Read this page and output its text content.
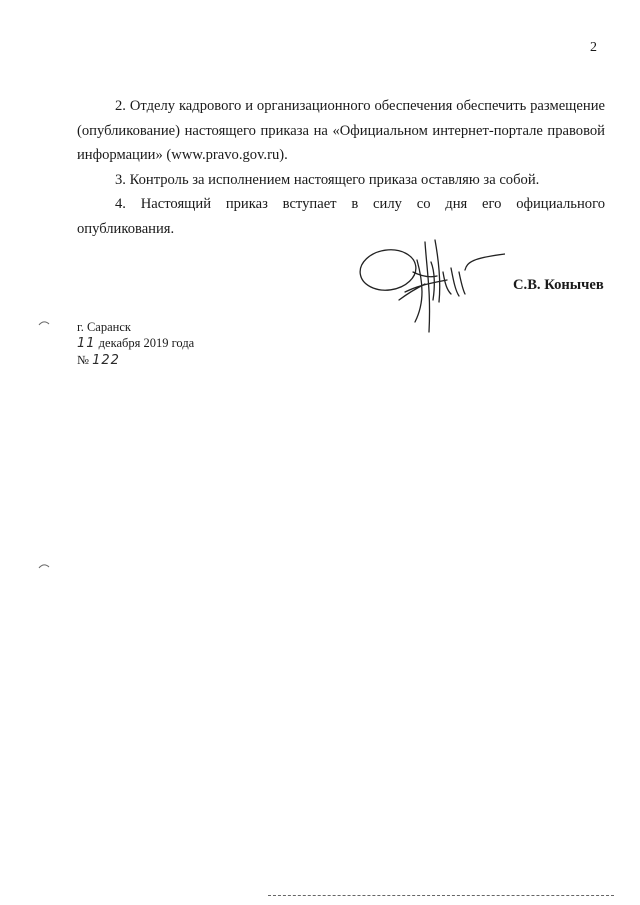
2

2. Отделу кадрового и организационного обеспечения обеспечить размещение (опубликование) настоящего приказа на «Официальном интернет-портале правовой информации» (www.pravo.gov.ru).

3. Контроль за исполнением настоящего приказа оставляю за собой.

4. Настоящий приказ вступает в силу со дня его официального опубликования.

С.В. Конычев
г. Саранск
11 декабря 2019 года
№ 122
